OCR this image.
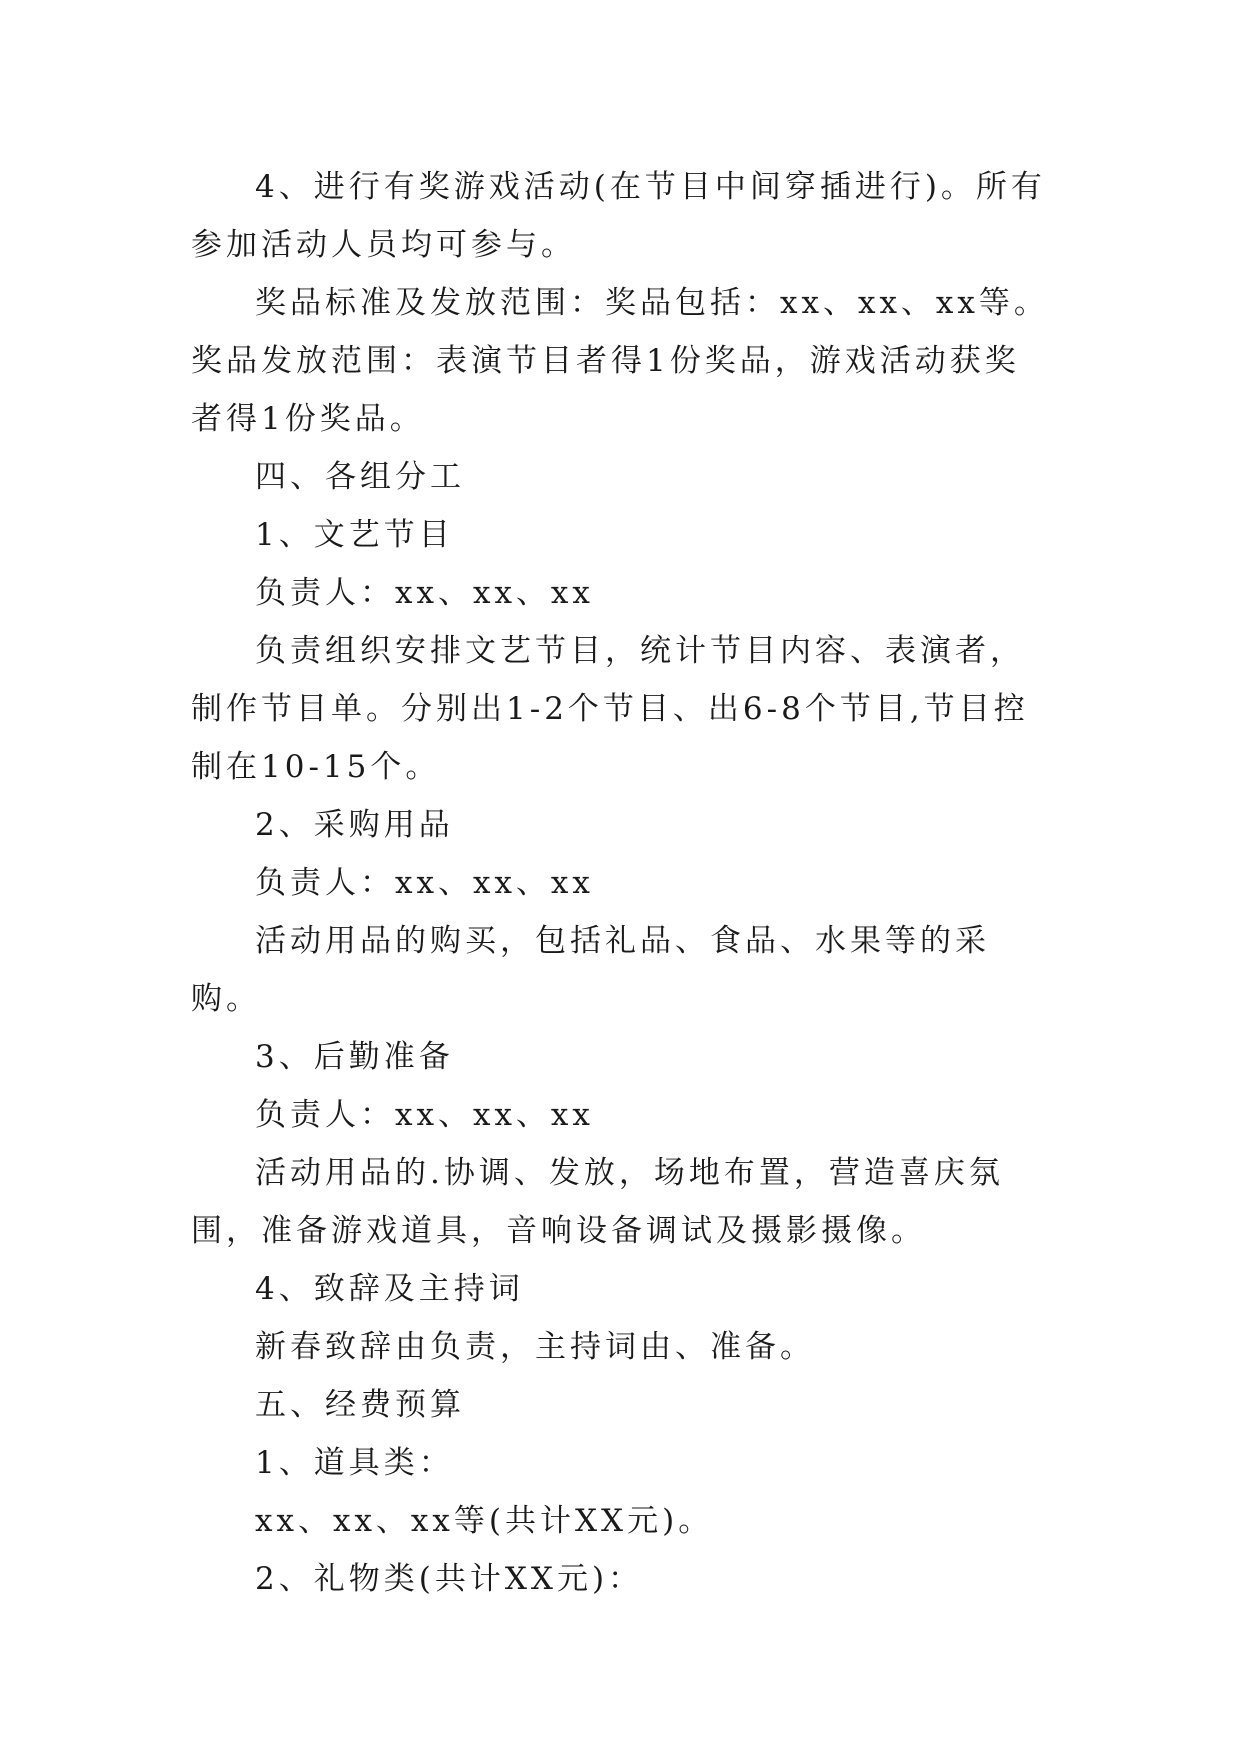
4、进行有奖游戏活动(在节目中间穿插进行)。所有参加活动人员均可参与。

奖品标准及发放范围：奖品包括：xx、xx、xx等。奖品发放范围：表演节目者得1份奖品，游戏活动获奖者得1份奖品。

四、各组分工

1、文艺节目

负责人：xx、xx、xx

负责组织安排文艺节目，统计节目内容、表演者，制作节目单。分别出1-2个节目、出6-8个节目,节目控制在10-15个。

2、采购用品

负责人：xx、xx、xx

活动用品的购买，包括礼品、食品、水果等的采购。

3、后勤准备

负责人：xx、xx、xx

活动用品的.协调、发放，场地布置，营造喜庆氛围，准备游戏道具，音响设备调试及摄影摄像。

4、致辞及主持词

新春致辞由负责，主持词由、准备。

五、经费预算

1、道具类：

xx、xx、xx等(共计XX元)。

2、礼物类(共计XX元)：
